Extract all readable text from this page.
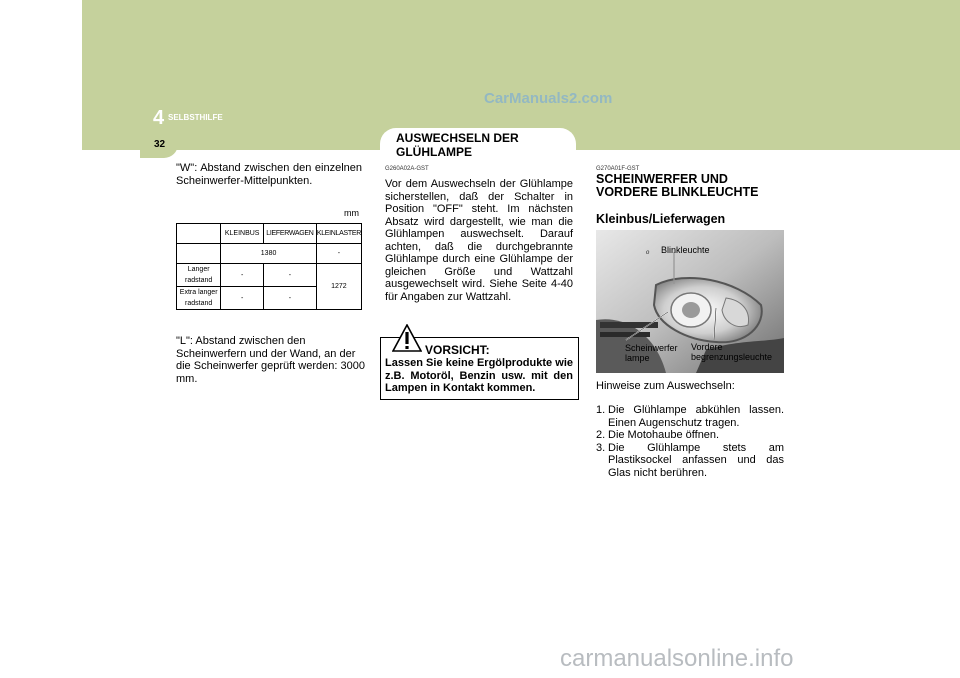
CarManuals2.com
4 SELBSTHILFE
32
"W": Abstand zwischen den einzelnen Scheinwerfer-Mittelpunkten.
mm
	KLEINBUS	LIEFERWAGEN	KLEINLASTER
	1380		-
Langer radstand	-	-	1272
Extra langer radstand	-	-	
"L": Abstand zwischen den Scheinwerfern und der Wand, an der die Scheinwerfer geprüft werden: 3000 mm.
AUSWECHSELN DER GLÜHLAMPE
G260A02A-GST
Vor dem Auswechseln der Glühlampe sicherstellen, daß der Schalter in Position "OFF" steht. Im nächsten Absatz wird dargestellt, wie man die Glühlampen auswechselt. Darauf achten, daß die durchgebrannte Glühlampe durch eine Glühlampe der gleichen Größe und Wattzahl ausgewechselt wird. Siehe Seite 4-40 für Angaben zur Wattzahl.
VORSICHT:
Lassen Sie keine Ergölprodukte wie z.B. Motoröl, Benzin usw. mit den Lampen in Kontakt kommen.
G270A01F-GST
SCHEINWERFER UND VORDERE BLINKLEUCHTE
Kleinbus/Lieferwagen
o Blinkleuchte
Scheinwerfer lampe
Vordere begrenzungsleuchte
Hinweise zum Auswechseln:
1. Die Glühlampe abkühlen lassen. Einen Augenschutz tragen.
2. Die Motohaube öffnen.
3. Die Glühlampe stets am Plastiksockel anfassen und das Glas nicht berühren.
carmanualsonline.info
